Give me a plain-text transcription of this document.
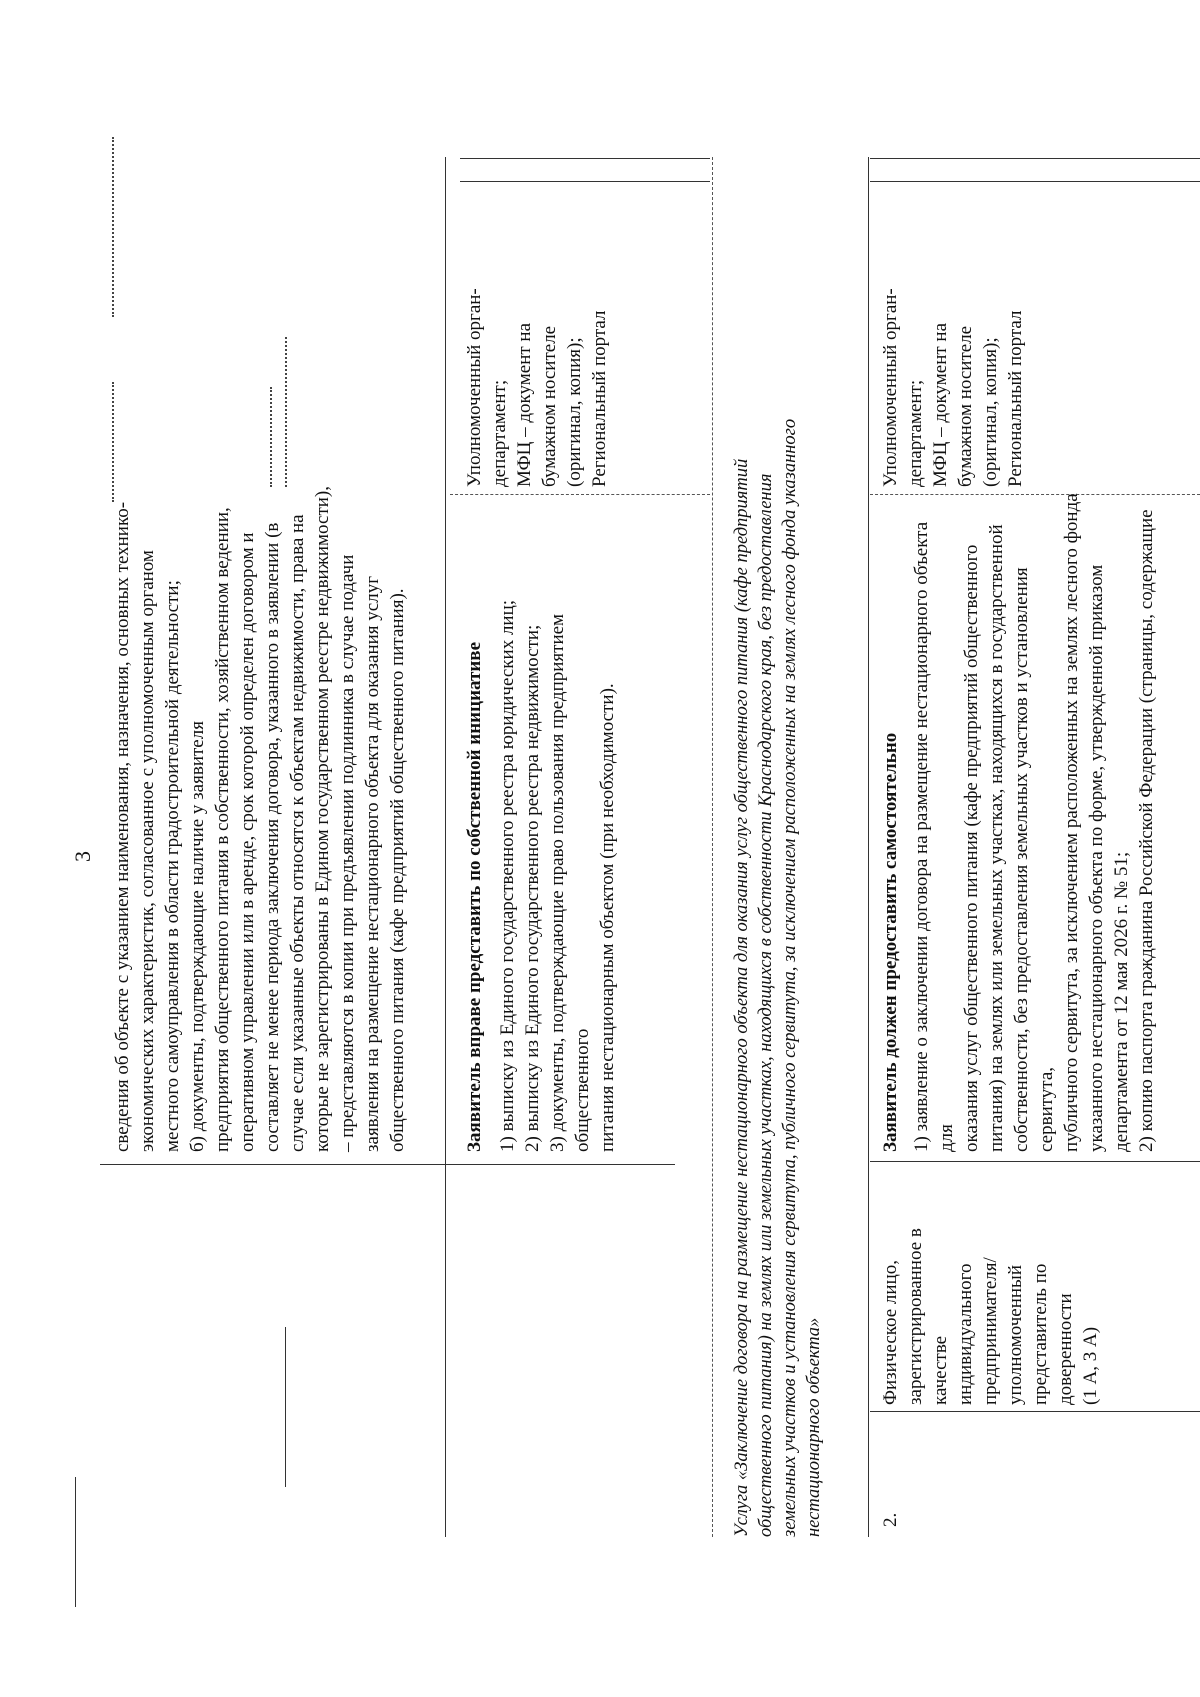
3 сведения об объекте с указанием наименования, назначения, основных технико- экономических характеристик, согласованное с уполномоченным органом местного самоуправления в области градостроительной деятельности; б) документы, подтверждающие наличие у заявителя предприятия общественного питания в собственности, хозяйственном ведении, оперативном управлении или в аренде, срок которой определен договором и составляет не менее периода заключения договора, указанного в заявлении (в случае если указанные объекты относятся к объектам недвижимости, права на которые не зарегистрированы в Едином государственном реестре недвижимости), – представляются в копии при предъявлении подлинника в случае подачи заявления на размещение нестационарного объекта для оказания услуг общественного питания (кафе предприятий общественного питания).	Заявитель вправе представить по собственной инициативе 1) выписку из Единого государственного реестра юридических лиц; 2) выписку из Единого государственного реестра недвижимости; 3) документы, подтверждающие право пользования предприятием общественного питания нестационарным объектом (при необходимости).

Уполномоченный орган- департамент; МФЦ – документ на бумажном носителе (оригинал, копия); Региональный портал

Услуга «Заключение договора на размещение нестационарного объекта для оказания услуг общественного питания (кафе предприятий общественного питания) на землях или земельных участках, находящихся в собственности Краснодарского края, без предоставления земельных участков и установления сервитута, публичного сервитута, за исключением расположенных на землях лесного фонда указанного нестационарного объекта»	2.

Физическое лицо, зарегистрированное в качестве индивидуального предпринимателя/ уполномоченный представитель по доверенности (1 А, 3 А)

Заявитель должен предоставить самостоятельно 1) заявление о заключении договора на размещение нестационарного объекта для оказания услуг общественного питания (кафе предприятий общественного питания) на землях или земельных участках, находящихся в государственной собственности, без предоставления земельных участков и установления сервитута, публичного сервитута, за исключением расположенных на землях лесного фонда указанного нестационарного объекта по форме, утвержденной приказом департамента от 12 мая 2026 г. № 51; 2) копию паспорта гражданина Российской Федерации (страницы, содержащие

Уполномоченный орган- департамент; МФЦ – документ на бумажном носителе (оригинал, копия); Региональный портал
